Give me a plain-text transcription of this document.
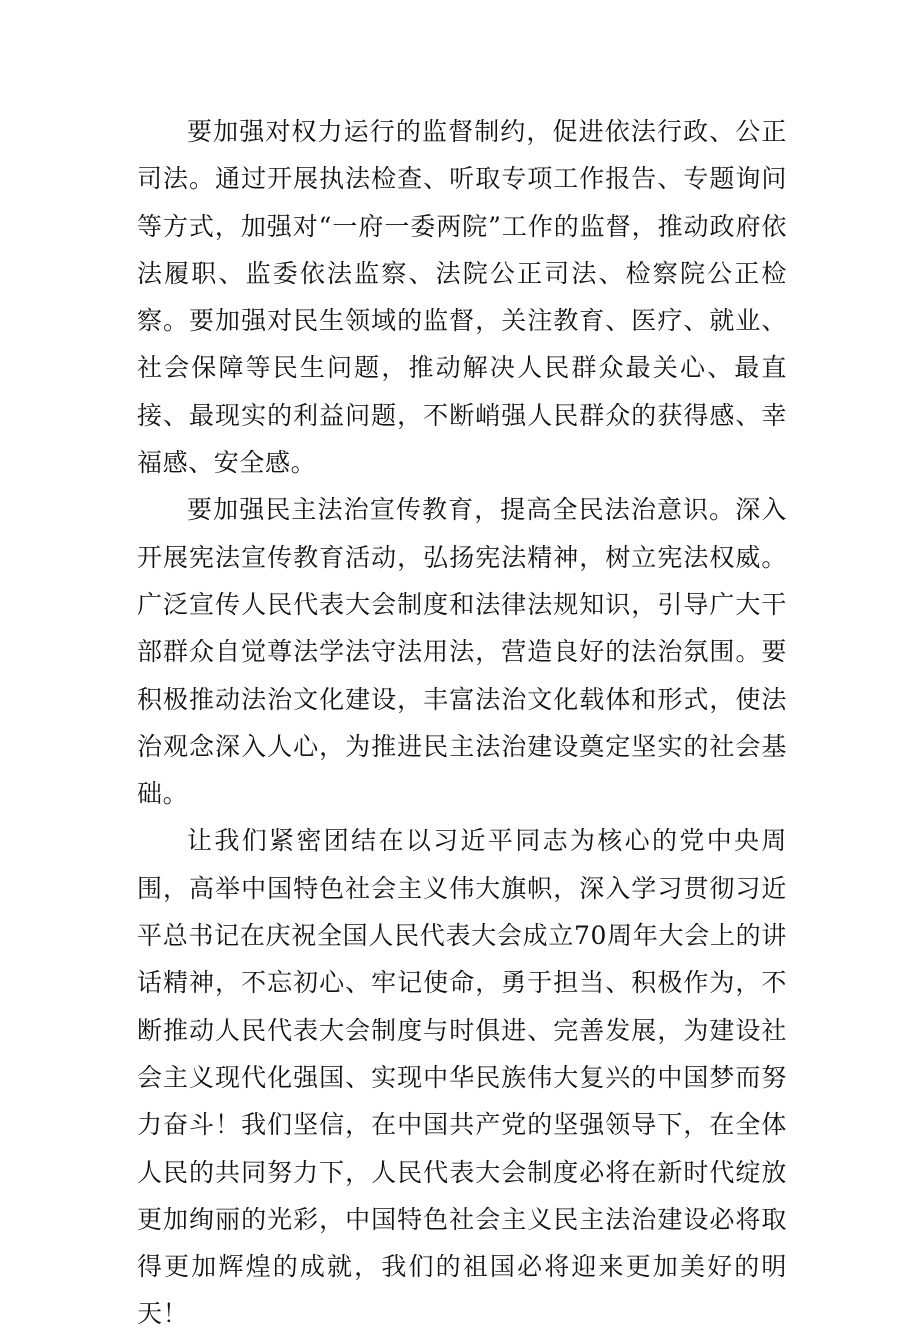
要加强对权力运行的监督制约，促进依法行政、公正司法。通过开展执法检查、听取专项工作报告、专题询问等方式，加强对“一府一委两院”工作的监督，推动政府依法履职、监委依法监察、法院公正司法、检察院公正检察。要加强对民生领域的监督，关注教育、医疗、就业、社会保障等民生问题，推动解决人民群众最关心、最直接、最现实的利益问题，不断峭强人民群众的获得感、幸福感、安全感。

要加强民主法治宣传教育，提高全民法治意识。深入开展宪法宣传教育活动，弘扬宪法精神，树立宪法权威。广泛宣传人民代表大会制度和法律法规知识，引导广大干部群众自觉尊法学法守法用法，营造良好的法治氛围。要积极推动法治文化建设，丰富法治文化载体和形式，使法治观念深入人心，为推进民主法治建设奠定坚实的社会基础。

让我们紧密团结在以习近平同志为核心的党中央周围，高举中国特色社会主义伟大旗帜，深入学习贯彻习近平总书记在庆祝全国人民代表大会成立70周年大会上的讲话精神，不忘初心、牢记使命，勇于担当、积极作为，不断推动人民代表大会制度与时俱进、完善发展，为建设社会主义现代化强国、实现中华民族伟大复兴的中国梦而努力奋斗！我们坚信，在中国共产党的坚强领导下，在全体人民的共同努力下，人民代表大会制度必将在新时代绽放更加绚丽的光彩，中国特色社会主义民主法治建设必将取得更加辉煌的成就，我们的祖国必将迎来更加美好的明天！
